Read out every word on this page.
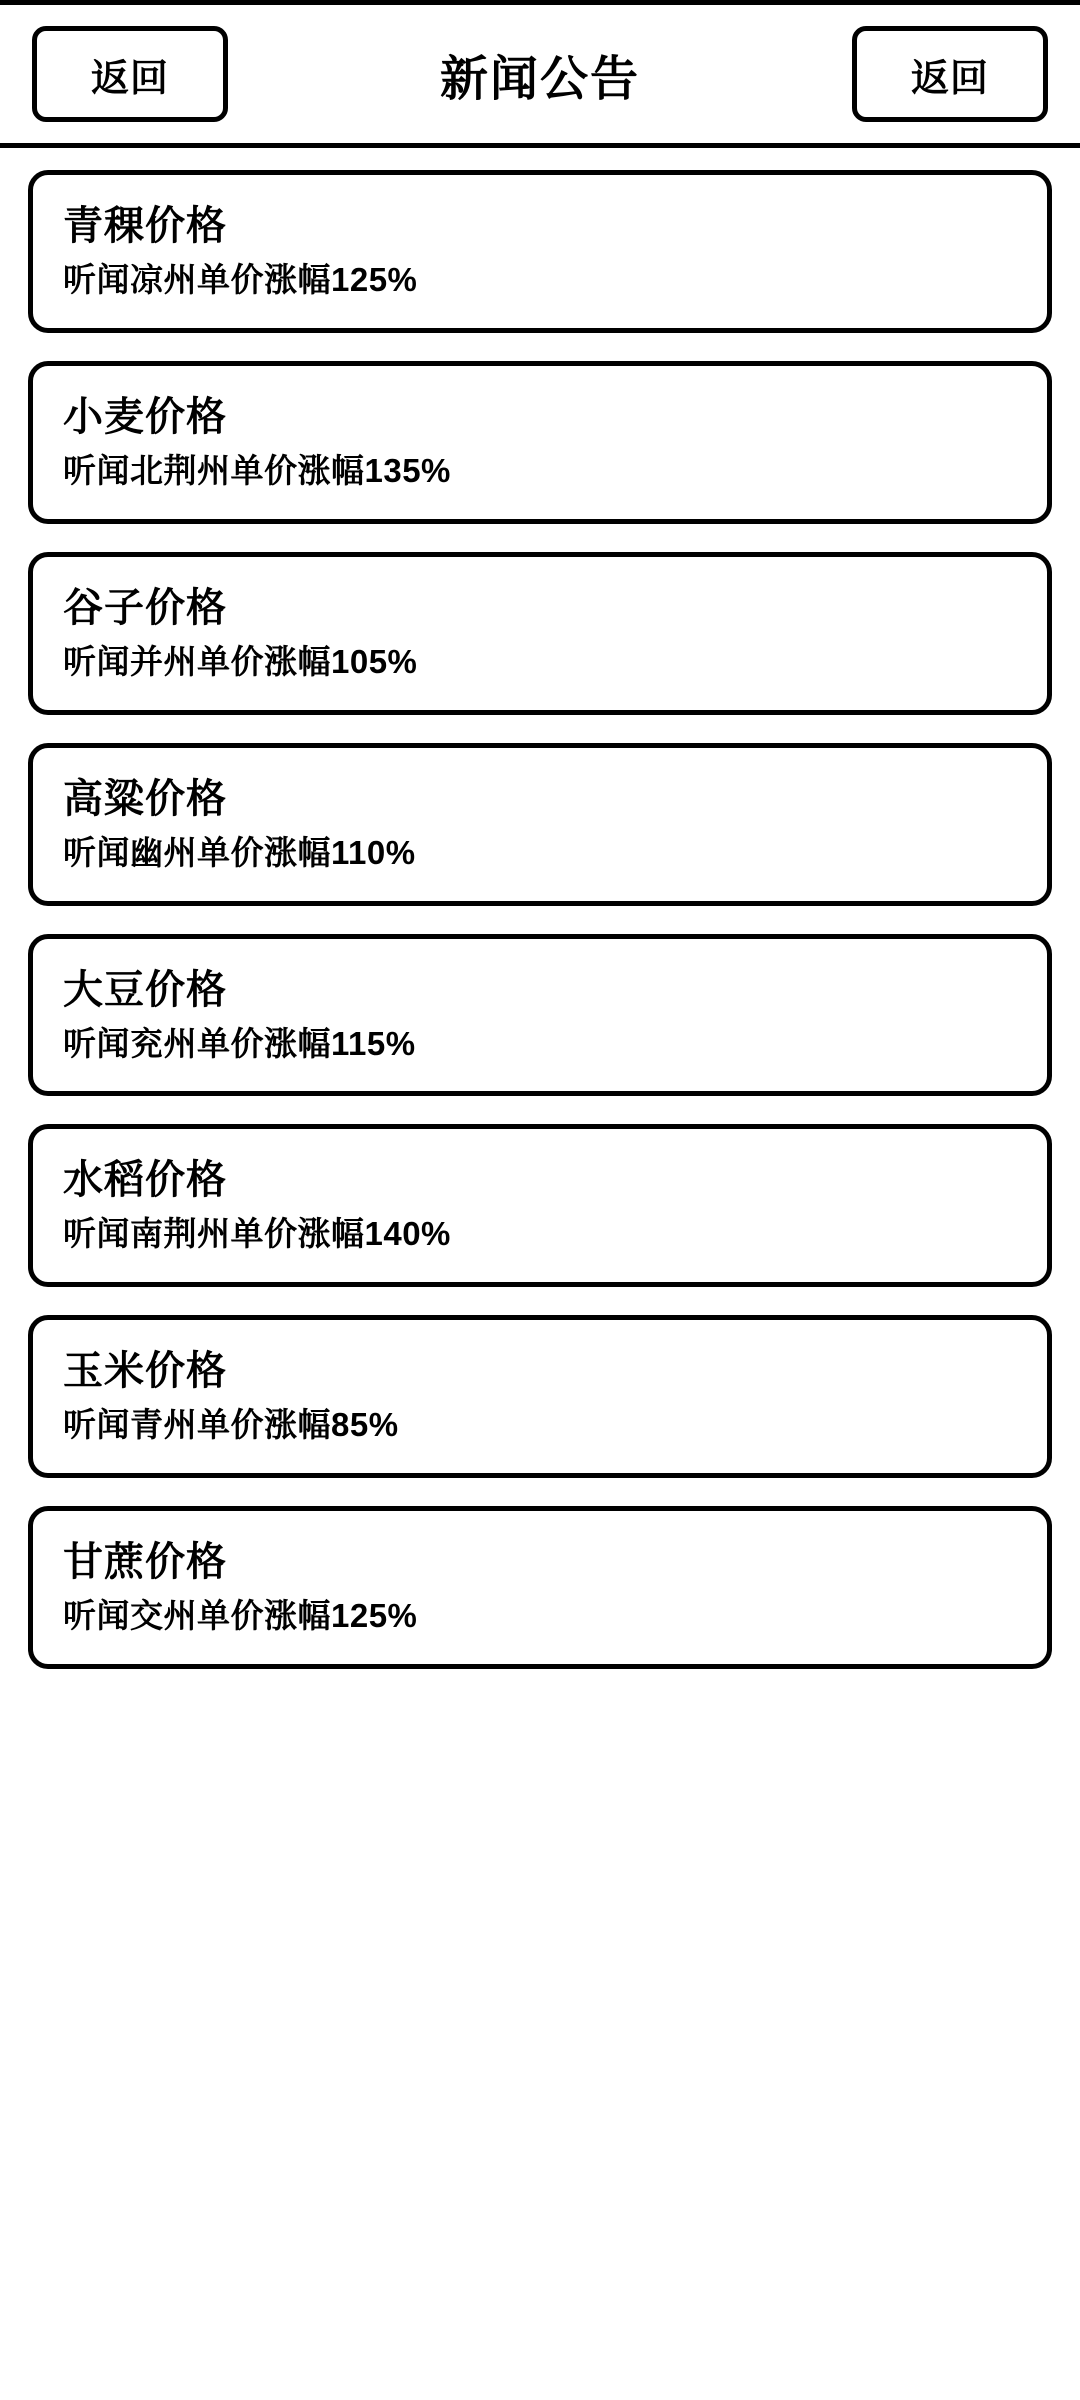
返回	新闻公告	返回
青稞价格
听闻凉州单价涨幅125%
小麦价格
听闻北荆州单价涨幅135%
谷子价格
听闻并州单价涨幅105%
高粱价格
听闻幽州单价涨幅110%
大豆价格
听闻兖州单价涨幅115%
水稻价格
听闻南荆州单价涨幅140%
玉米价格
听闻青州单价涨幅85%
甘蔗价格
听闻交州单价涨幅125%
